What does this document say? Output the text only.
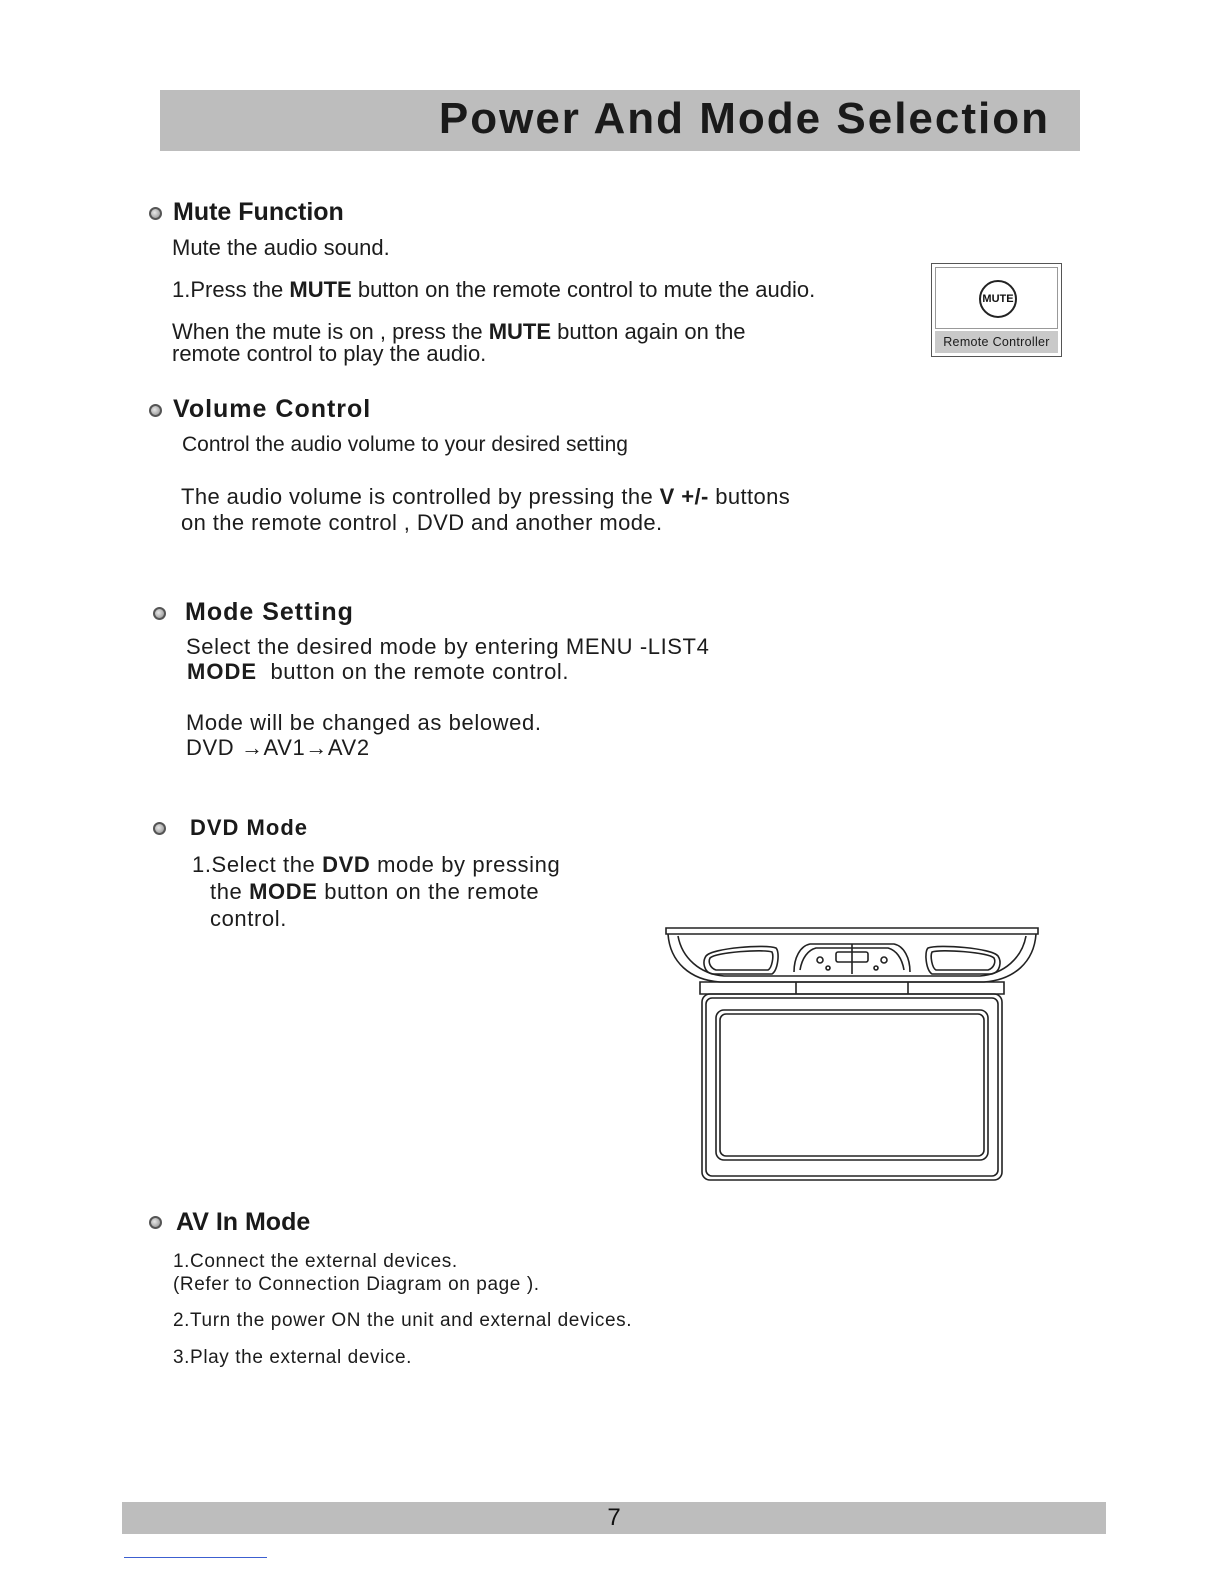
Power And Mode Selection
Mute Function
Mute the audio sound.
1.Press the MUTE button on the remote control to mute the audio.
When the mute is on , press the MUTE button again on the
remote control to play the audio.
MUTE
Remote Controller
Volume Control
Control the audio volume to your desired setting
The audio volume is controlled by pressing the V +/- buttons
on the remote control , DVD and another mode.
Mode Setting
Select the desired mode by entering MENU -LIST4
MODE button on the remote control.
Mode will be changed as belowed.
DVD →AV1→AV2
DVD Mode
1.Select the DVD mode by pressing
the MODE button on the remote
control.
AV In Mode
1.Connect the external devices.
(Refer to Connection Diagram on page ).
2.Turn the power ON the unit and external devices.
3.Play the external device.
7
